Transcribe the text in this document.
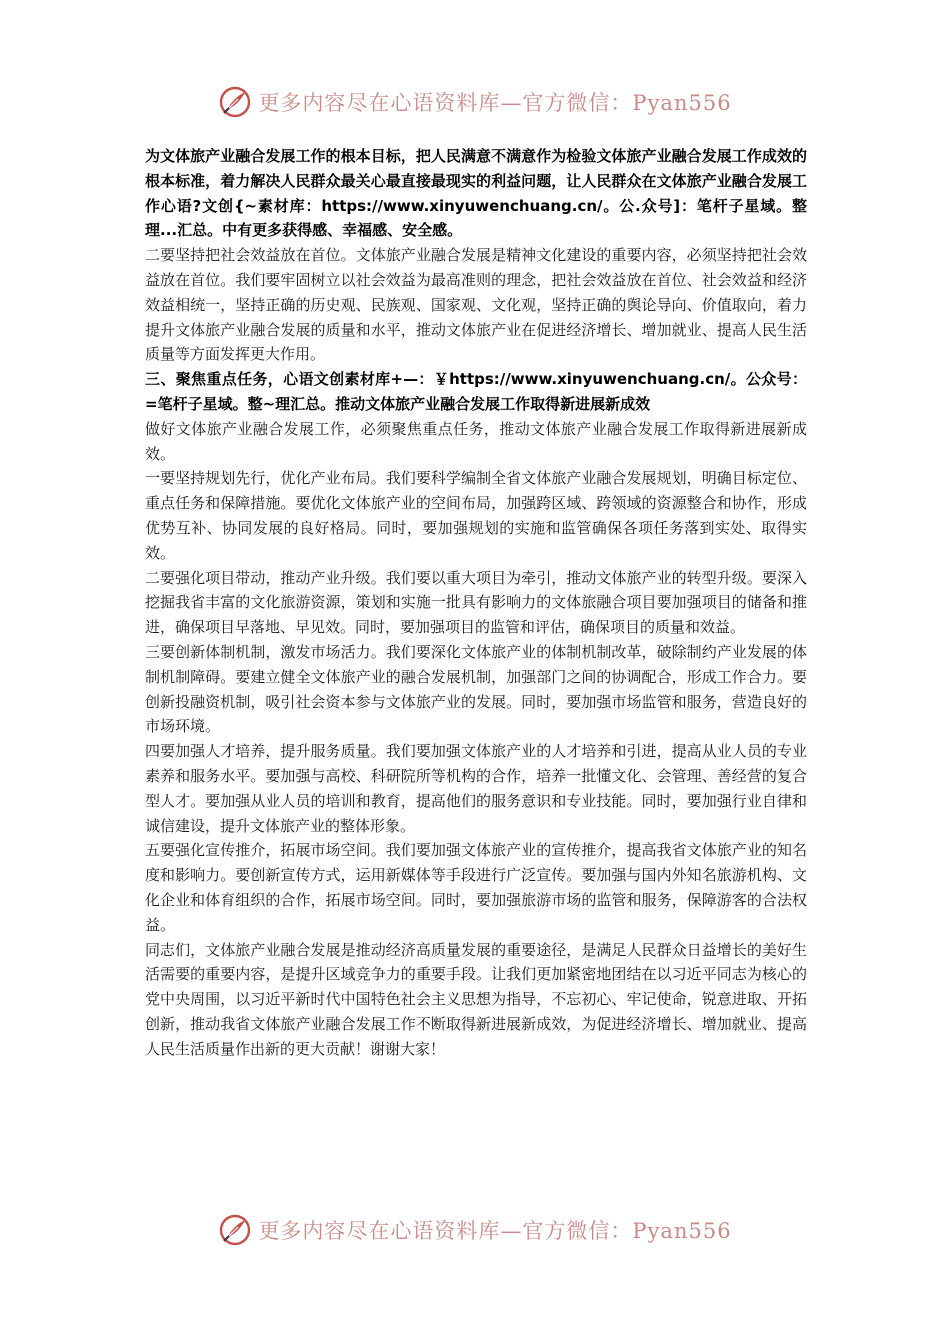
更多内容尽在心语资料库—官方微信：Pyan556

为文体旅产业融合发展工作的根本目标，把人民满意不满意作为检验文体旅产业融合发展工作成效的根本标准，着力解决人民群众最关心最直接最现实的利益问题，让人民群众在文体旅产业融合发展工作心语?文创{~素材库：https://www.xinyuwenchuang.cn/。公.众号]：笔杆子星域。整理...汇总。中有更多获得感、幸福感、安全感。

二要坚持把社会效益放在首位。文体旅产业融合发展是精神文化建设的重要内容，必须坚持把社会效益放在首位。我们要牢固树立以社会效益为最高准则的理念，把社会效益放在首位、社会效益和经济效益相统一，坚持正确的历史观、民族观、国家观、文化观，坚持正确的舆论导向、价值取向，着力提升文体旅产业融合发展的质量和水平，推动文体旅产业在促进经济增长、增加就业、提高人民生活质量等方面发挥更大作用。

三、聚焦重点任务，心语文创素材库+—：￥https://www.xinyuwenchuang.cn/。公众号：=笔杆子星域。整~理汇总。推动文体旅产业融合发展工作取得新进展新成效

做好文体旅产业融合发展工作，必须聚焦重点任务，推动文体旅产业融合发展工作取得新进展新成效。

一要坚持规划先行，优化产业布局。我们要科学编制全省文体旅产业融合发展规划，明确目标定位、重点任务和保障措施。要优化文体旅产业的空间布局，加强跨区域、跨领域的资源整合和协作，形成优势互补、协同发展的良好格局。同时，要加强规划的实施和监管确保各项任务落到实处、取得实效。

二要强化项目带动，推动产业升级。我们要以重大项目为牵引，推动文体旅产业的转型升级。要深入挖掘我省丰富的文化旅游资源，策划和实施一批具有影响力的文体旅融合项目要加强项目的储备和推进，确保项目早落地、早见效。同时，要加强项目的监管和评估，确保项目的质量和效益。

三要创新体制机制，激发市场活力。我们要深化文体旅产业的体制机制改革，破除制约产业发展的体制机制障碍。要建立健全文体旅产业的融合发展机制，加强部门之间的协调配合，形成工作合力。要创新投融资机制，吸引社会资本参与文体旅产业的发展。同时，要加强市场监管和服务，营造良好的市场环境。

四要加强人才培养，提升服务质量。我们要加强文体旅产业的人才培养和引进，提高从业人员的专业素养和服务水平。要加强与高校、科研院所等机构的合作，培养一批懂文化、会管理、善经营的复合型人才。要加强从业人员的培训和教育，提高他们的服务意识和专业技能。同时，要加强行业自律和诚信建设，提升文体旅产业的整体形象。

五要强化宣传推介，拓展市场空间。我们要加强文体旅产业的宣传推介，提高我省文体旅产业的知名度和影响力。要创新宣传方式，运用新媒体等手段进行广泛宣传。要加强与国内外知名旅游机构、文化企业和体育组织的合作，拓展市场空间。同时，要加强旅游市场的监管和服务，保障游客的合法权益。

同志们，文体旅产业融合发展是推动经济高质量发展的重要途径，是满足人民群众日益增长的美好生活需要的重要内容，是提升区域竞争力的重要手段。让我们更加紧密地团结在以习近平同志为核心的党中央周围，以习近平新时代中国特色社会主义思想为指导，不忘初心、牢记使命，锐意进取、开拓创新，推动我省文体旅产业融合发展工作不断取得新进展新成效，为促进经济增长、增加就业、提高人民生活质量作出新的更大贡献！谢谢大家！

更多内容尽在心语资料库—官方微信：Pyan556
